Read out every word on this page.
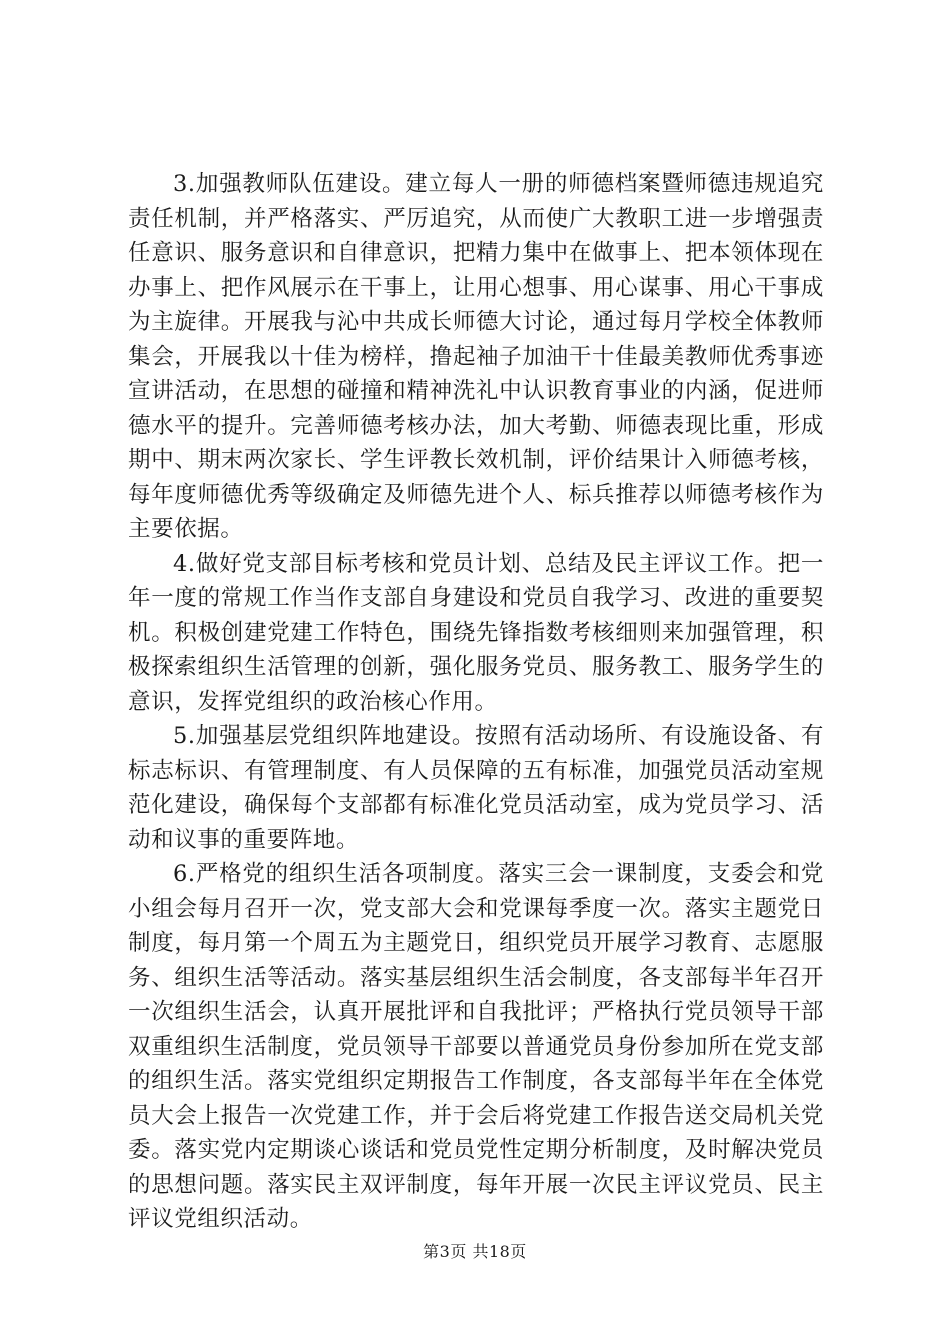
3.加强教师队伍建设。建立每人一册的师德档案暨师德违规追究责任机制，并严格落实、严厉追究，从而使广大教职工进一步增强责任意识、服务意识和自律意识，把精力集中在做事上、把本领体现在办事上、把作风展示在干事上，让用心想事、用心谋事、用心干事成为主旋律。开展我与沁中共成长师德大讨论，通过每月学校全体教师集会，开展我以十佳为榜样，撸起袖子加油干十佳最美教师优秀事迹宣讲活动，在思想的碰撞和精神洗礼中认识教育事业的内涵，促进师德水平的提升。完善师德考核办法，加大考勤、师德表现比重，形成期中、期末两次家长、学生评教长效机制，评价结果计入师德考核，每年度师德优秀等级确定及师德先进个人、标兵推荐以师德考核作为主要依据。

4.做好党支部目标考核和党员计划、总结及民主评议工作。把一年一度的常规工作当作支部自身建设和党员自我学习、改进的重要契机。积极创建党建工作特色，围绕先锋指数考核细则来加强管理，积极探索组织生活管理的创新，强化服务党员、服务教工、服务学生的意识，发挥党组织的政治核心作用。

5.加强基层党组织阵地建设。按照有活动场所、有设施设备、有标志标识、有管理制度、有人员保障的五有标准，加强党员活动室规范化建设，确保每个支部都有标准化党员活动室，成为党员学习、活动和议事的重要阵地。

6.严格党的组织生活各项制度。落实三会一课制度，支委会和党小组会每月召开一次，党支部大会和党课每季度一次。落实主题党日制度，每月第一个周五为主题党日，组织党员开展学习教育、志愿服务、组织生活等活动。落实基层组织生活会制度，各支部每半年召开一次组织生活会，认真开展批评和自我批评；严格执行党员领导干部双重组织生活制度，党员领导干部要以普通党员身份参加所在党支部的组织生活。落实党组织定期报告工作制度，各支部每半年在全体党员大会上报告一次党建工作，并于会后将党建工作报告送交局机关党委。落实党内定期谈心谈话和党员党性定期分析制度，及时解决党员的思想问题。落实民主双评制度，每年开展一次民主评议党员、民主评议党组织活动。

第3页 共18页
